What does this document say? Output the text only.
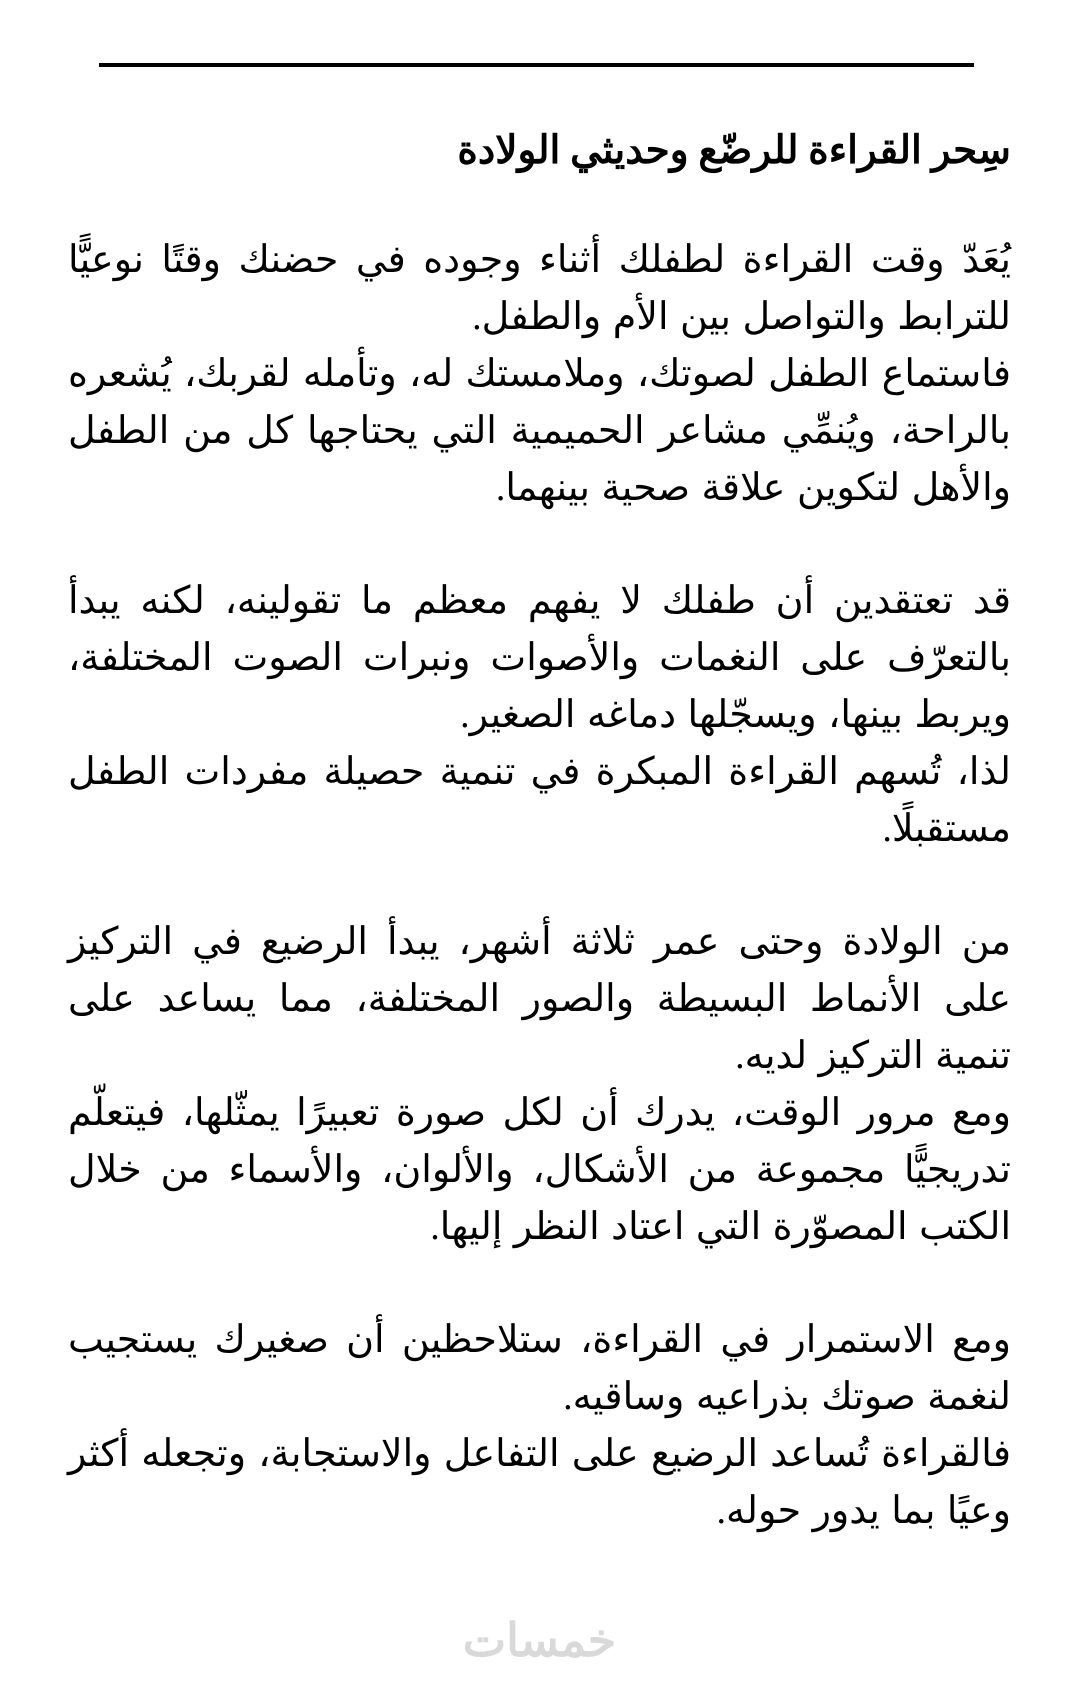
سِحر القراءة للرضّع وحديثي الولادة

يُعَدّ وقت القراءة لطفلك أثناء وجوده في حضنك وقتًا نوعيًّا للترابط والتواصل بين الأم والطفل.
فاستماع الطفل لصوتك، وملامستك له، وتأمله لقربك، يُشعره بالراحة، ويُنمِّي مشاعر الحميمية التي يحتاجها كل من الطفل والأهل لتكوين علاقة صحية بينهما.

قد تعتقدين أن طفلك لا يفهم معظم ما تقولينه، لكنه يبدأ بالتعرّف على النغمات والأصوات ونبرات الصوت المختلفة، ويربط بينها، ويسجّلها دماغه الصغير.
لذا، تُسهم القراءة المبكرة في تنمية حصيلة مفردات الطفل مستقبلًا.

من الولادة وحتى عمر ثلاثة أشهر، يبدأ الرضيع في التركيز على الأنماط البسيطة والصور المختلفة، مما يساعد على تنمية التركيز لديه.
ومع مرور الوقت، يدرك أن لكل صورة تعبيرًا يمثّلها، فيتعلّم تدريجيًّا مجموعة من الأشكال، والألوان، والأسماء من خلال الكتب المصوّرة التي اعتاد النظر إليها.

ومع الاستمرار في القراءة، ستلاحظين أن صغيرك يستجيب لنغمة صوتك بذراعيه وساقيه.
فالقراءة تُساعد الرضيع على التفاعل والاستجابة، وتجعله أكثر وعيًا بما يدور حوله.

خمسات
